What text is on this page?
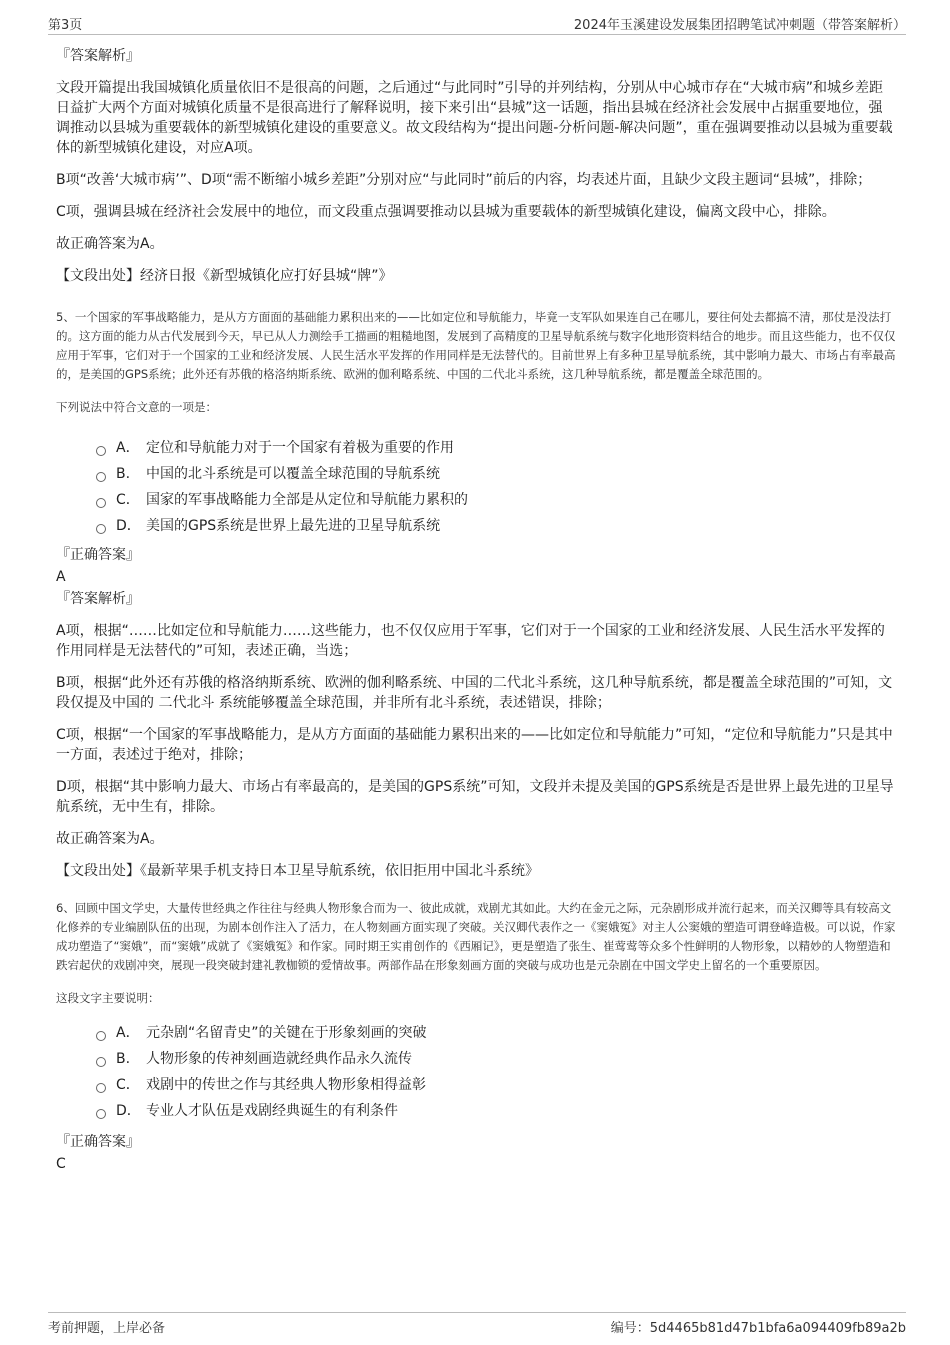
第3页	2024年玉溪建设发展集团招聘笔试冲刺题（带答案解析）

『答案解析』

文段开篇提出我国城镇化质量依旧不是很高的问题，之后通过“与此同时”引导的并列结构，分别从中心城市存在“大城市病”和城乡差距日益扩大两个方面对城镇化质量不是很高进行了解释说明，接下来引出“县城”这一话题，指出县城在经济社会发展中占据重要地位，强调推动以县城为重要载体的新型城镇化建设的重要意义。故文段结构为“提出问题-分析问题-解决问题”，重在强调要推动以县城为重要载体的新型城镇化建设，对应A项。

B项“改善‘大城市病’”、D项“需不断缩小城乡差距”分别对应“与此同时”前后的内容，均表述片面，且缺少文段主题词“县城”，排除；

C项，强调县城在经济社会发展中的地位，而文段重点强调要推动以县城为重要载体的新型城镇化建设，偏离文段中心，排除。

故正确答案为A。

【文段出处】经济日报《新型城镇化应打好县城“牌”》

5、一个国家的军事战略能力，是从方方面面的基础能力累积出来的——比如定位和导航能力，毕竟一支军队如果连自己在哪儿，要往何处去都搞不清，那仗是没法打的。这方面的能力从古代发展到今天，早已从人力测绘手工描画的粗糙地图，发展到了高精度的卫星导航系统与数字化地形资料结合的地步。而且这些能力，也不仅仅应用于军事，它们对于一个国家的工业和经济发展、人民生活水平发挥的作用同样是无法替代的。目前世界上有多种卫星导航系统，其中影响力最大、市场占有率最高的，是美国的GPS系统；此外还有苏俄的格洛纳斯系统、欧洲的伽利略系统、中国的二代北斗系统，这几种导航系统，都是覆盖全球范围的。

下列说法中符合文意的一项是：

A． 定位和导航能力对于一个国家有着极为重要的作用
B.	中国的北斗系统是可以覆盖全球范围的导航系统
C． 国家的军事战略能力全部是从定位和导航能力累积的
D． 美国的GPS系统是世界上最先进的卫星导航系统

『正确答案』

A

『答案解析』

A项，根据“……比如定位和导航能力……这些能力，也不仅仅应用于军事，它们对于一个国家的工业和经济发展、人民生活水平发挥的作用同样是无法替代的”可知，表述正确，当选；

B项，根据“此外还有苏俄的格洛纳斯系统、欧洲的伽利略系统、中国的二代北斗系统，这几种导航系统，都是覆盖全球范围的”可知，文段仅提及中国的 二代北斗 系统能够覆盖全球范围，并非所有北斗系统，表述错误，排除；

C项，根据“一个国家的军事战略能力，是从方方面面的基础能力累积出来的——比如定位和导航能力”可知，“定位和导航能力”只是其中一方面，表述过于绝对，排除；

D项，根据“其中影响力最大、市场占有率最高的，是美国的GPS系统”可知，文段并未提及美国的GPS系统是否是世界上最先进的卫星导航系统，无中生有，排除。

故正确答案为A。

【文段出处】《最新苹果手机支持日本卫星导航系统，依旧拒用中国北斗系统》

6、回顾中国文学史，大量传世经典之作往往与经典人物形象合而为一、彼此成就，戏剧尤其如此。大约在金元之际，元杂剧形成并流行起来，而关汉卿等具有较高文化修养的专业编剧队伍的出现，为剧本创作注入了活力，在人物刻画方面实现了突破。关汉卿代表作之一《窦娥冤》对主人公窦娥的塑造可谓登峰造极。可以说，作家成功塑造了“窦娥”，而“窦娥”成就了《窦娥冤》和作家。同时期王实甫创作的《西厢记》，更是塑造了张生、崔莺莺等众多个性鲜明的人物形象，以精妙的人物塑造和跌宕起伏的戏剧冲突，展现一段突破封建礼教枷锁的爱情故事。两部作品在形象刻画方面的突破与成功也是元杂剧在中国文学史上留名的一个重要原因。

这段文字主要说明：

A． 元杂剧“名留青史”的关键在于形象刻画的突破
B.	人物形象的传神刻画造就经典作品永久流传
C． 戏剧中的传世之作与其经典人物形象相得益彰
D． 专业人才队伍是戏剧经典诞生的有利条件

『正确答案』

C

考前押题，上岸必备	编号：5d4465b81d47b1bfa6a094409fb89a2b
